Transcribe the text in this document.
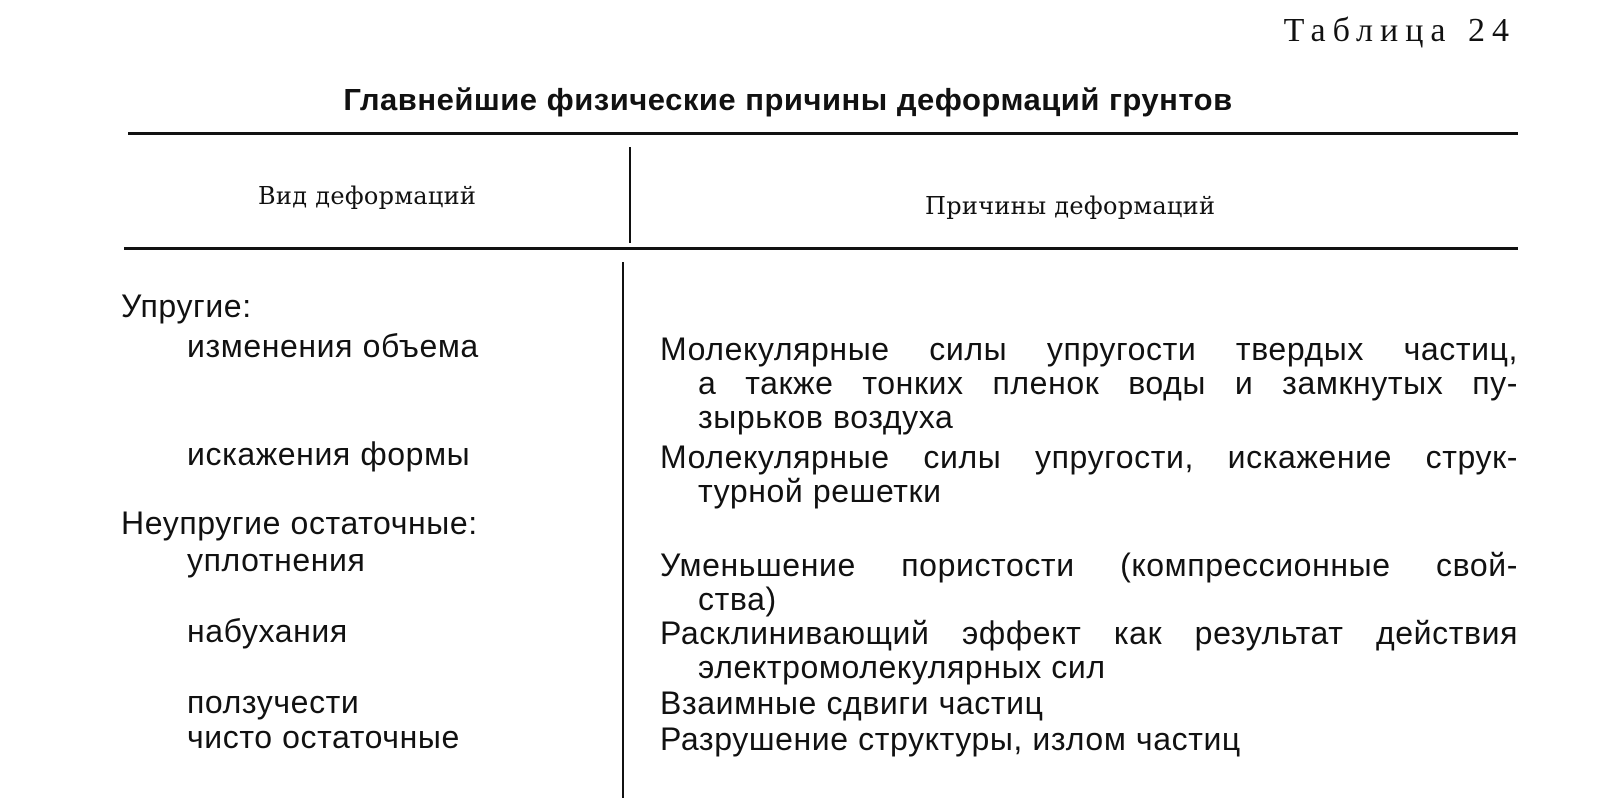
Таблица 24
Главнейшие физические причины деформаций грунтов
Вид деформаций	Причины деформаций
Упругие:
изменения объема
искажения формы
Неупругие остаточные:
уплотнения
набухания
ползучести
чисто остаточные
Молекулярные силы упругости твердых частиц,
а также тонких пленок воды и замкнутых пу-
зырьков воздуха
Молекулярные силы упругости, искажение струк-
турной решетки
Уменьшение пористости (компрессионные свой-
ства)
Расклинивающий эффект как результат действия
электромолекулярных сил
Взаимные сдвиги частиц
Разрушение структуры, излом частиц
